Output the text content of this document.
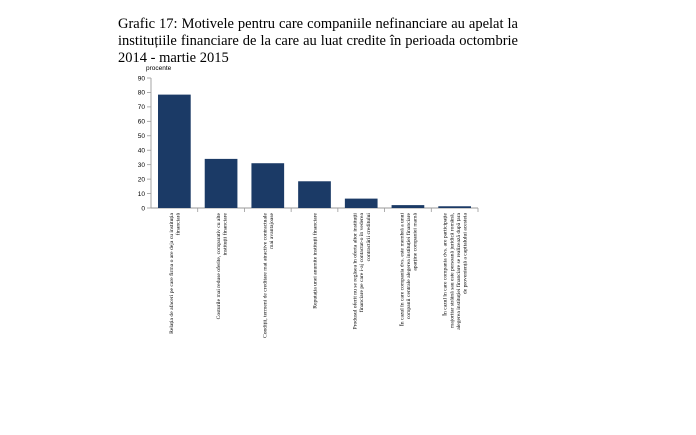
Grafic 17: Motivele pentru care companiile nefinanciare au apelat la instituțiile financiare de la care au luat credite în perioada octombrie 2014 - martie 2015
0
10
20
30
40
50
60
70
80
90
Relația de afaceri pe care firma o are deja cu instituția financiară	Costurile mai reduse oferite, comparativ cu alte instituții financiare	Condiții, termeni de creditare mai atractive contractuale mai avantajoase	Reputația unei anumite instituții financiare	Produsul oferit nu se regăsea în oferta altor instituții financiare pe care i-aj contactat-o în vederea contractării creditului	În cazul în care compania dvs. este membră a unui companii centrale alegerea instituției financiare aparține companiei mamă	În cazul în care compania dvs. are participație majoritar străină sau este persoană juridică română, alegerea instituției financiare se realizează după țara de proveniență a capitalului acesteia
procente
